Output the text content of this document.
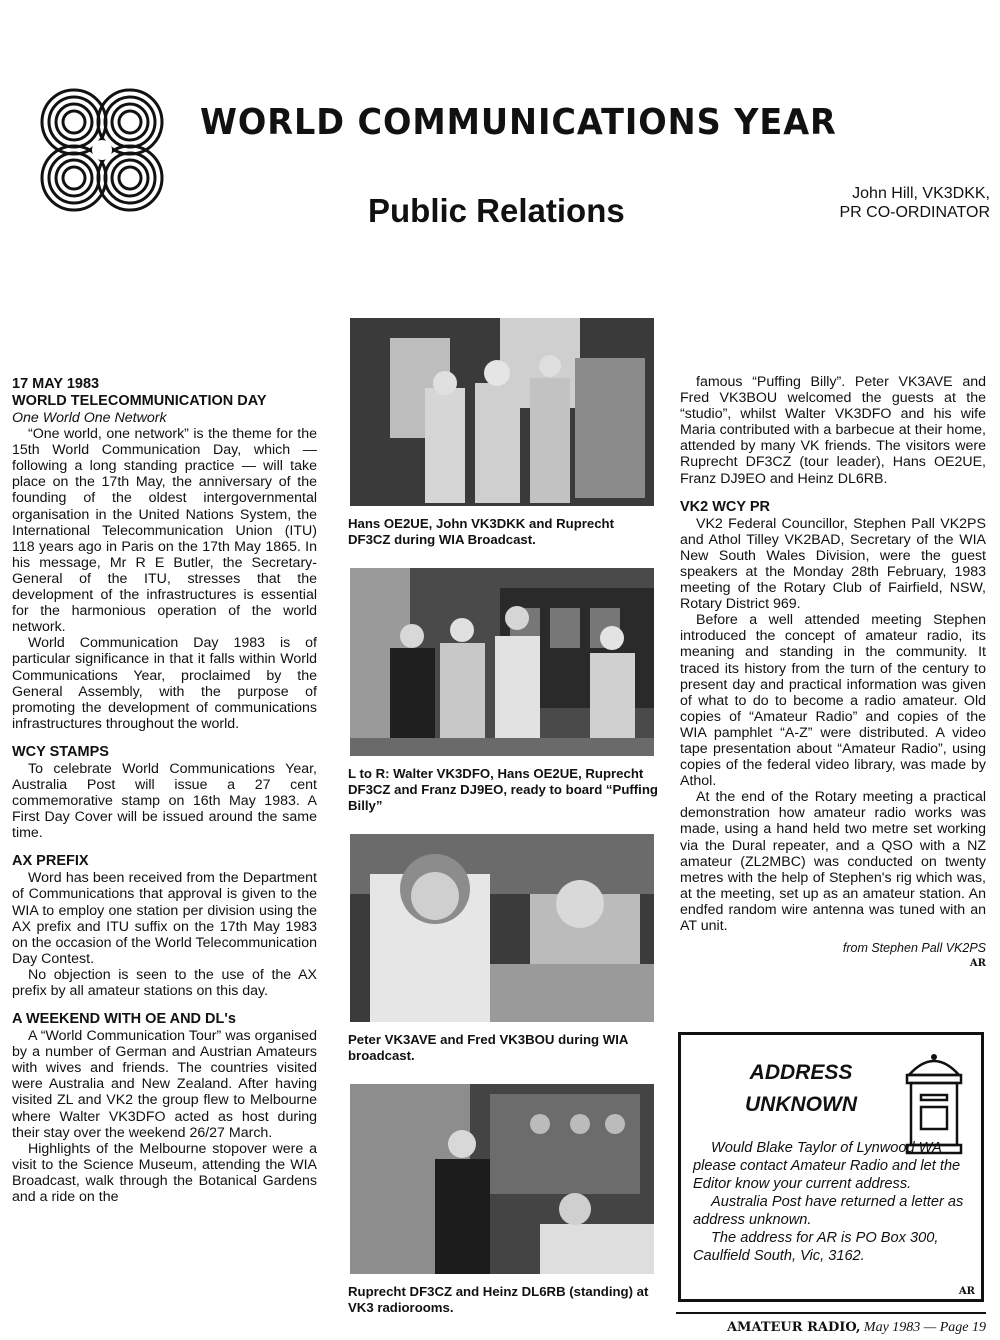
WORLD COMMUNICATIONS YEAR
Public Relations	John Hill, VK3DKK,
PR CO-ORDINATOR
17 MAY 1983
WORLD TELECOMMUNICATION DAY
One World One Network

“One world, one network” is the theme for the 15th World Communication Day, which — following a long standing practice — will take place on the 17th May, the anniversary of the founding of the oldest intergovernmental organisation in the United Nations System, the International Telecommunication Union (ITU) 118 years ago in Paris on the 17th May 1865. In his message, Mr R E Butler, the Secretary-General of the ITU, stresses that the development of the infrastructures is essential for the harmonious operation of the world network.

World Communication Day 1983 is of particular significance in that it falls within World Communications Year, proclaimed by the General Assembly, with the purpose of promoting the development of communications infrastructures throughout the world.

WCY STAMPS

To celebrate World Communications Year, Australia Post will issue a 27 cent commemorative stamp on 16th May 1983. A First Day Cover will be issued around the same time.

AX PREFIX

Word has been received from the Department of Communications that approval is given to the WIA to employ one station per division using the AX prefix and ITU suffix on the 17th May 1983 on the occasion of the World Telecommunication Day Contest.

No objection is seen to the use of the AX prefix by all amateur stations on this day.

A WEEKEND WITH OE AND DL's

A “World Communication Tour” was organised by a number of German and Austrian Amateurs with wives and friends. The countries visited were Australia and New Zealand. After having visited ZL and VK2 the group flew to Melbourne where Walter VK3DFO acted as host during their stay over the weekend 26/27 March.

Highlights of the Melbourne stopover were a visit to the Science Museum, attending the WIA Broadcast, walk through the Botanical Gardens and a ride on the

Hans OE2UE, John VK3DKK and Ruprecht DF3CZ during WIA Broadcast.
L to R: Walter VK3DFO, Hans OE2UE, Ruprecht DF3CZ and Franz DJ9EO, ready to board “Puffing Billy”
Peter VK3AVE and Fred VK3BOU during WIA broadcast.
Ruprecht DF3CZ and Heinz DL6RB (standing) at VK3 radiorooms.

famous “Puffing Billy”. Peter VK3AVE and Fred VK3BOU welcomed the guests at the “studio”, whilst Walter VK3DFO and his wife Maria contributed with a barbecue at their home, attended by many VK friends. The visitors were Ruprecht DF3CZ (tour leader), Hans OE2UE, Franz DJ9EO and Heinz DL6RB.

VK2 WCY PR

VK2 Federal Councillor, Stephen Pall VK2PS and Athol Tilley VK2BAD, Secretary of the WIA New South Wales Division, were the guest speakers at the Monday 28th February, 1983 meeting of the Rotary Club of Fairfield, NSW, Rotary District 969.

Before a well attended meeting Stephen introduced the concept of amateur radio, its meaning and standing in the community. It traced its history from the turn of the century to present day and practical information was given of what to do to become a radio amateur. Old copies of “Amateur Radio” and copies of the WIA pamphlet “A-Z” were distributed. A video tape presentation about “Amateur Radio”, using copies of the federal video library, was made by Athol.

At the end of the Rotary meeting a practical demonstration how amateur radio works was made, using a hand held two metre set working via the Dural repeater, and a QSO with a NZ amateur (ZL2MBC) was conducted on twenty metres with the help of Stephen's rig which was, at the meeting, set up as an amateur station. An endfed random wire antenna was tuned with an AT unit.

from Stephen Pall VK2PS
AR
ADDRESS
UNKNOWN

Would Blake Taylor of Lynwood WA please contact Amateur Radio and let the Editor know your current address.

Australia Post have returned a letter as address unknown.

The address for AR is PO Box 300, Caulfield South, Vic, 3162.

AR
AMATEUR RADIO, May 1983 — Page 19
